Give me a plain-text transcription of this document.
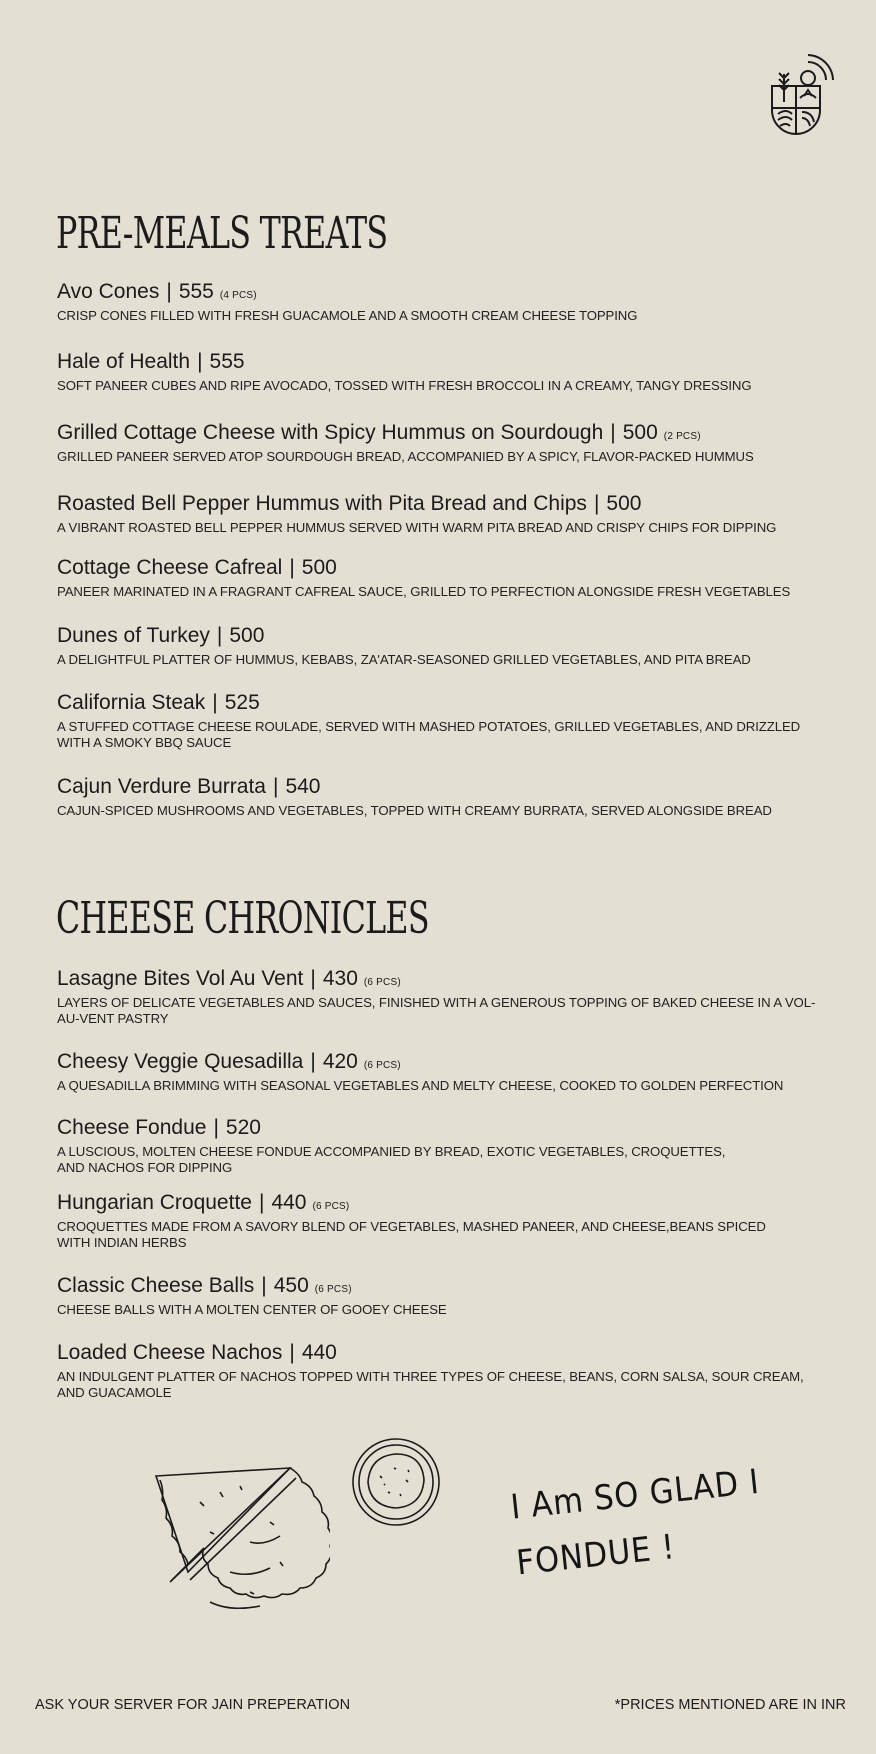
PRE-MEALS TREATS
Avo Cones | 555 (4 PCS)
CRISP CONES FILLED WITH FRESH GUACAMOLE AND A SMOOTH CREAM CHEESE TOPPING
Hale of Health | 555
SOFT PANEER CUBES AND RIPE AVOCADO, TOSSED WITH FRESH BROCCOLI IN A CREAMY, TANGY DRESSING
Grilled Cottage Cheese with Spicy Hummus on Sourdough | 500 (2 PCS)
GRILLED PANEER SERVED ATOP SOURDOUGH BREAD, ACCOMPANIED BY A SPICY, FLAVOR-PACKED HUMMUS
Roasted Bell Pepper Hummus with Pita Bread and Chips | 500
A VIBRANT ROASTED BELL PEPPER HUMMUS SERVED WITH WARM PITA BREAD AND CRISPY CHIPS FOR DIPPING
Cottage Cheese Cafreal | 500
PANEER MARINATED IN A FRAGRANT CAFREAL SAUCE, GRILLED TO PERFECTION ALONGSIDE FRESH VEGETABLES
Dunes of Turkey | 500
A DELIGHTFUL PLATTER OF HUMMUS, KEBABS, ZA'ATAR-SEASONED GRILLED VEGETABLES, AND PITA BREAD
California Steak | 525
A STUFFED COTTAGE CHEESE ROULADE, SERVED WITH MASHED POTATOES, GRILLED VEGETABLES, AND DRIZZLED WITH A SMOKY BBQ SAUCE
Cajun Verdure Burrata | 540
CAJUN-SPICED MUSHROOMS AND VEGETABLES, TOPPED WITH CREAMY BURRATA, SERVED ALONGSIDE BREAD
CHEESE CHRONICLES
Lasagne Bites Vol Au Vent | 430 (6 PCS)
LAYERS OF DELICATE VEGETABLES AND SAUCES, FINISHED WITH A GENEROUS TOPPING OF BAKED CHEESE IN A VOL-AU-VENT PASTRY
Cheesy Veggie Quesadilla | 420 (6 PCS)
A QUESADILLA BRIMMING WITH SEASONAL VEGETABLES AND MELTY CHEESE, COOKED TO GOLDEN PERFECTION
Cheese Fondue | 520
A LUSCIOUS, MOLTEN CHEESE FONDUE ACCOMPANIED BY BREAD, EXOTIC VEGETABLES, CROQUETTES, AND NACHOS FOR DIPPING
Hungarian Croquette | 440 (6 PCS)
CROQUETTES MADE FROM A SAVORY BLEND OF VEGETABLES, MASHED PANEER, AND CHEESE,BEANS SPICED WITH INDIAN HERBS
Classic Cheese Balls | 450 (6 PCS)
CHEESE BALLS WITH A MOLTEN CENTER OF GOOEY CHEESE
Loaded Cheese Nachos | 440
AN INDULGENT PLATTER OF NACHOS TOPPED WITH THREE TYPES OF CHEESE, BEANS, CORN SALSA, SOUR CREAM, AND GUACAMOLE
I Am SO GLAD I
FONDUE !
ASK YOUR SERVER FOR JAIN PREPERATION	*PRICES MENTIONED ARE IN INR
